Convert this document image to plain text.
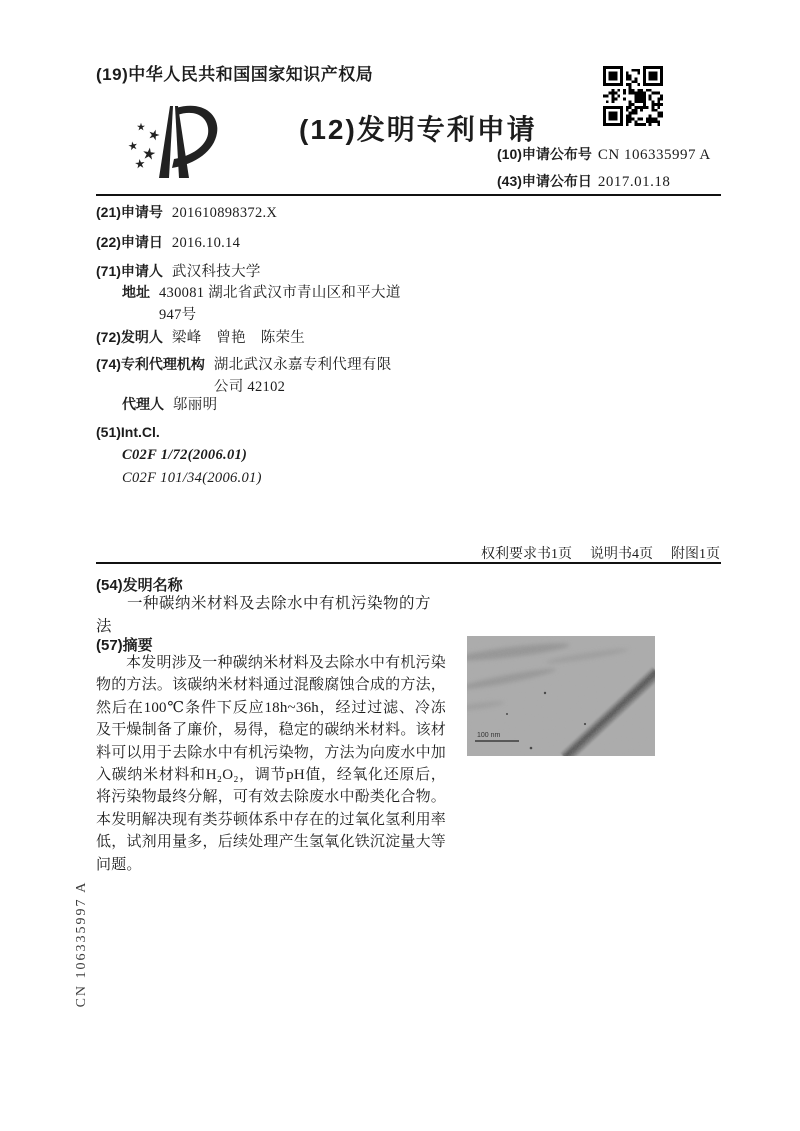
(19)中华人民共和国国家知识产权局
(12)发明专利申请
(10)申请公布号 CN 106335997 A
(43)申请公布日 2017.01.18
(21)申请号 201610898372.X
(22)申请日 2016.10.14
(71)申请人 武汉科技大学
地址 430081 湖北省武汉市青山区和平大道947号
(72)发明人 梁峰　曾艳　陈荣生
(74)专利代理机构 湖北武汉永嘉专利代理有限公司 42102
代理人 邬丽明
(51)Int.Cl.
C02F 1/72(2006.01)
C02F 101/34(2006.01)
权利要求书1页 说明书4页 附图1页
(54)发明名称

一种碳纳米材料及去除水中有机污染物的方法

(57)摘要

本发明涉及一种碳纳米材料及去除水中有机污染物的方法。该碳纳米材料通过混酸腐蚀合成的方法，然后在100℃条件下反应18h~36h，经过过滤、冷冻及干燥制备了廉价，易得，稳定的碳纳米材料。该材料可以用于去除水中有机污染物，方法为向废水中加入碳纳米材料和H₂O₂，调节pH值，经氧化还原后，将污染物最终分解，可有效去除废水中酚类化合物。本发明解决现有类芬顿体系中存在的过氧化氢利用率低，试剂用量多，后续处理产生氢氧化铁沉淀量大等问题。

100 nm
CN 106335997 A
